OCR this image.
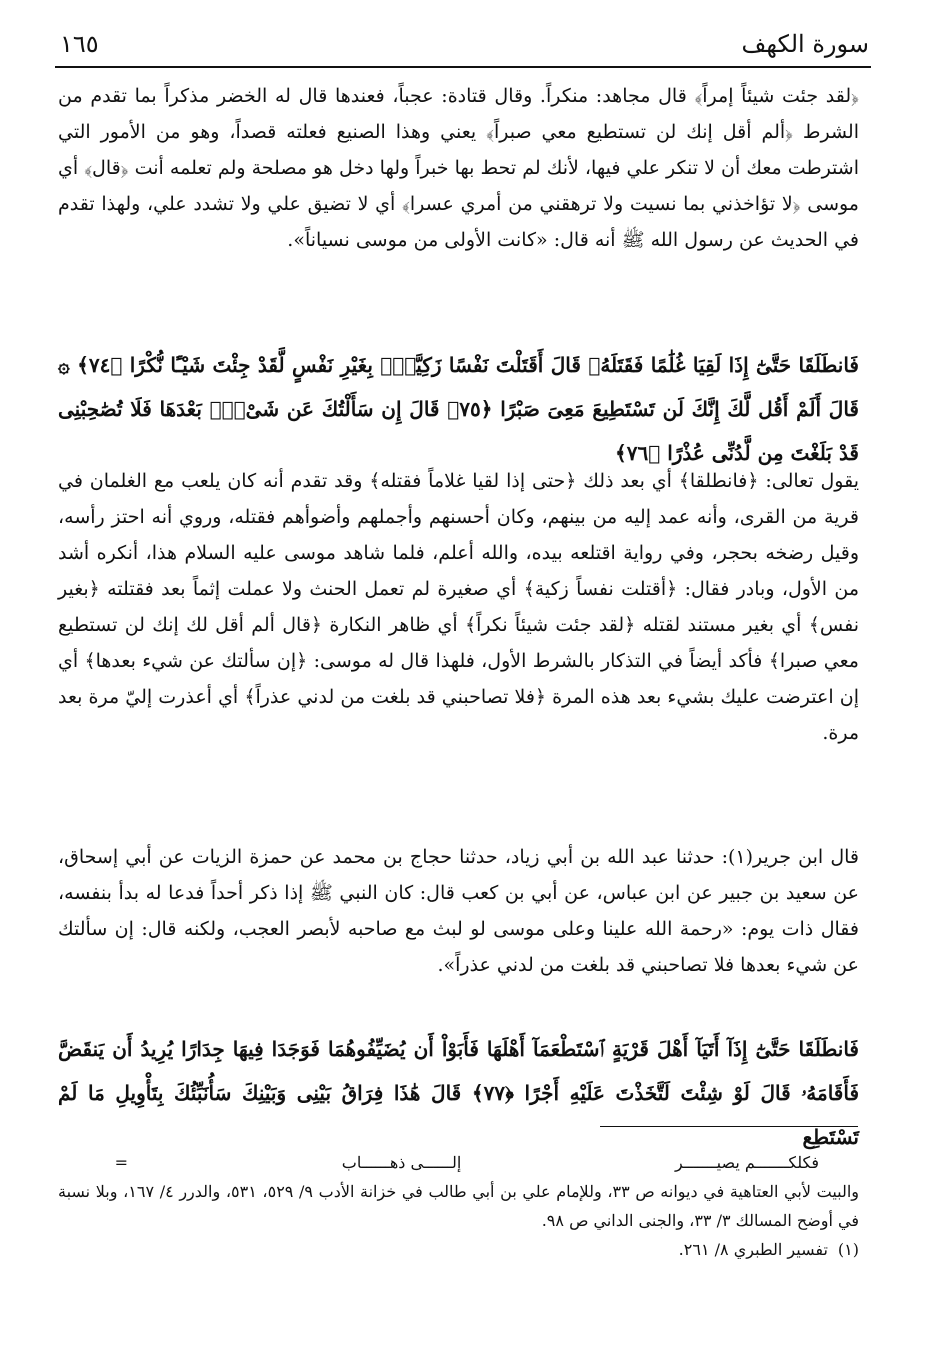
سورة الكهف
١٦٥

﴿لقد جئت شيئاً إمراً﴾ قال مجاهد: منكراً. وقال قتادة: عجباً، فعندها قال له الخضر مذكراً بما تقدم من الشرط ﴿ألم أقل إنك لن تستطيع معي صبراً﴾ يعني وهذا الصنيع فعلته قصداً، وهو من الأمور التي اشترطت معك أن لا تنكر علي فيها، لأنك لم تحط بها خبراً ولها دخل هو مصلحة ولم تعلمه أنت ﴿قال﴾ أي موسى ﴿لا تؤاخذني بما نسيت ولا ترهقني من أمري عسرا﴾ أي لا تضيق علي ولا تشدد علي، ولهذا تقدم في الحديث عن رسول الله ﷺ أنه قال: «كانت الأولى من موسى نسياناً».

فَانطَلَقَا حَتَّىٰٓ إِذَا لَقِيَا غُلَٰمًا فَقَتَلَهُۥ قَالَ أَقَتَلْتَ نَفْسًا زَكِيَّةًۢ بِغَيْرِ نَفْسٍ لَّقَدْ جِئْتَ شَيْـًٔا نُّكْرًا ﴿٧٤﴾ ۞ قَالَ أَلَمْ أَقُل لَّكَ إِنَّكَ لَن تَسْتَطِيعَ مَعِىَ صَبْرًا ﴿٧٥﴾ قَالَ إِن سَأَلْتُكَ عَن شَىْءٍۭ بَعْدَهَا فَلَا تُصَٰحِبْنِى قَدْ بَلَغْتَ مِن لَّدُنِّى عُذْرًا ﴿٧٦﴾

يقول تعالى: ﴿فانطلقا﴾ أي بعد ذلك ﴿حتى إذا لقيا غلاماً فقتله﴾ وقد تقدم أنه كان يلعب مع الغلمان في قرية من القرى، وأنه عمد إليه من بينهم، وكان أحسنهم وأجملهم وأضوأهم فقتله، وروي أنه احتز رأسه، وقيل رضخه بحجر، وفي رواية اقتلعه بيده، والله أعلم، فلما شاهد موسى عليه السلام هذا، أنكره أشد من الأول، وبادر فقال: ﴿أقتلت نفساً زكية﴾ أي صغيرة لم تعمل الحنث ولا عملت إثماً بعد فقتلته ﴿بغير نفس﴾ أي بغير مستند لقتله ﴿لقد جئت شيئاً نكراً﴾ أي ظاهر النكارة ﴿قال ألم أقل لك إنك لن تستطيع معي صبرا﴾ فأكد أيضاً في التذكار بالشرط الأول، فلهذا قال له موسى: ﴿إن سألتك عن شيء بعدها﴾ أي إن اعترضت عليك بشيء بعد هذه المرة ﴿فلا تصاحبني قد بلغت من لدني عذراً﴾ أي أعذرت إليّ مرة بعد مرة.

قال ابن جرير(١): حدثنا عبد الله بن أبي زياد، حدثنا حجاج بن محمد عن حمزة الزيات عن أبي إسحاق، عن سعيد بن جبير عن ابن عباس، عن أبي بن كعب قال: كان النبي ﷺ إذا ذكر أحداً فدعا له بدأ بنفسه، فقال ذات يوم: «رحمة الله علينا وعلى موسى لو لبث مع صاحبه لأبصر العجب، ولكنه قال: إن سألتك عن شيء بعدها فلا تصاحبني قد بلغت من لدني عذراً».

فَانطَلَقَا حَتَّىٰٓ إِذَآ أَتَيَآ أَهْلَ قَرْيَةٍ ٱسْتَطْعَمَآ أَهْلَهَا فَأَبَوْاْ أَن يُضَيِّفُوهُمَا فَوَجَدَا فِيهَا جِدَارًا يُرِيدُ أَن يَنقَضَّ فَأَقَامَهُۥ قَالَ لَوْ شِئْتَ لَتَّخَذْتَ عَلَيْهِ أَجْرًا ﴿٧٧﴾ قَالَ هَٰذَا فِرَاقُ بَيْنِى وَبَيْنِكَ سَأُنَبِّئُكَ بِتَأْوِيلِ مَا لَمْ تَسْتَطِع

فكلكـــــــم يصيـــــــر
إلــــــى ذهــــــاب
=

والبيت لأبي العتاهية في ديوانه ص ٣٣، وللإمام علي بن أبي طالب في خزانة الأدب ٩/ ٥٢٩، ٥٣١، والدرر ٤/ ١٦٧، وبلا نسبة في أوضح المسالك ٣/ ٣٣، والجنى الداني ص ٩٨.

(١)
تفسير الطبري ٨/ ٢٦١.
